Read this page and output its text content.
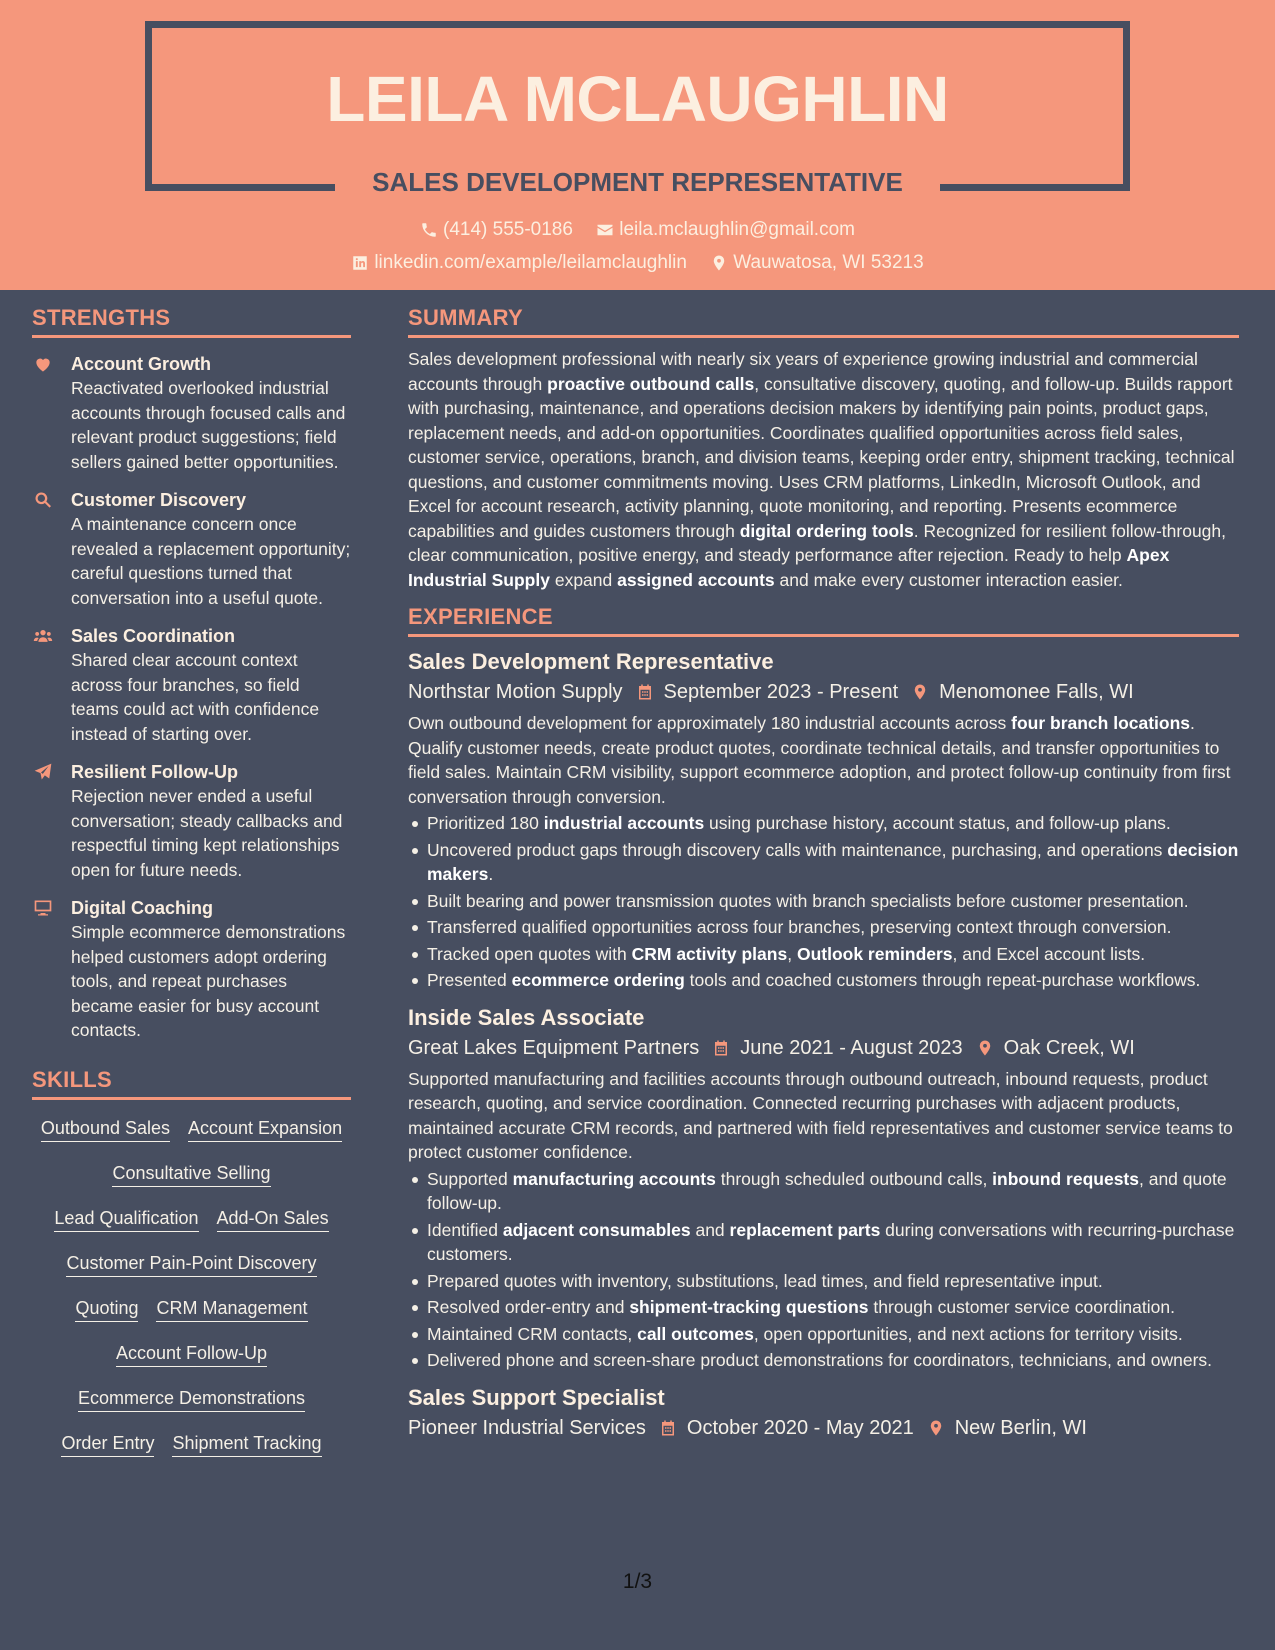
LEILA MCLAUGHLIN
SALES DEVELOPMENT REPRESENTATIVE
(414) 555-0186
leila.mclaughlin@gmail.com
linkedin.com/example/leilamclaughlin
Wauwatosa, WI 53213
STRENGTHS
Account Growth
Reactivated overlooked industrial accounts through focused calls and relevant product suggestions; field sellers gained better opportunities.
Customer Discovery
A maintenance concern once revealed a replacement opportunity; careful questions turned that conversation into a useful quote.
Sales Coordination
Shared clear account context across four branches, so field teams could act with confidence instead of starting over.
Resilient Follow-Up
Rejection never ended a useful conversation; steady callbacks and respectful timing kept relationships open for future needs.
Digital Coaching
Simple ecommerce demonstrations helped customers adopt ordering tools, and repeat purchases became easier for busy account contacts.
SKILLS
Outbound Sales Account Expansion
Consultative Selling
Lead Qualification Add-On Sales
Customer Pain-Point Discovery
Quoting CRM Management
Account Follow-Up
Ecommerce Demonstrations
Order Entry Shipment Tracking
SUMMARY
Sales development professional with nearly six years of experience growing industrial and commercial accounts through proactive outbound calls, consultative discovery, quoting, and follow-up. Builds rapport with purchasing, maintenance, and operations decision makers by identifying pain points, product gaps, replacement needs, and add-on opportunities. Coordinates qualified opportunities across field sales, customer service, operations, branch, and division teams, keeping order entry, shipment tracking, technical questions, and customer commitments moving. Uses CRM platforms, LinkedIn, Microsoft Outlook, and Excel for account research, activity planning, quote monitoring, and reporting. Presents ecommerce capabilities and guides customers through digital ordering tools. Recognized for resilient follow-through, clear communication, positive energy, and steady performance after rejection. Ready to help Apex Industrial Supply expand assigned accounts and make every customer interaction easier.
EXPERIENCE
Sales Development Representative
Northstar Motion Supply September 2023 - Present Menomonee Falls, WI
Own outbound development for approximately 180 industrial accounts across four branch locations. Qualify customer needs, create product quotes, coordinate technical details, and transfer opportunities to field sales. Maintain CRM visibility, support ecommerce adoption, and protect follow-up continuity from first conversation through conversion.
Prioritized 180 industrial accounts using purchase history, account status, and follow-up plans.
Uncovered product gaps through discovery calls with maintenance, purchasing, and operations decision makers.
Built bearing and power transmission quotes with branch specialists before customer presentation.
Transferred qualified opportunities across four branches, preserving context through conversion.
Tracked open quotes with CRM activity plans, Outlook reminders, and Excel account lists.
Presented ecommerce ordering tools and coached customers through repeat-purchase workflows.
Inside Sales Associate
Great Lakes Equipment Partners June 2021 - August 2023 Oak Creek, WI
Supported manufacturing and facilities accounts through outbound outreach, inbound requests, product research, quoting, and service coordination. Connected recurring purchases with adjacent products, maintained accurate CRM records, and partnered with field representatives and customer service teams to protect customer confidence.
Supported manufacturing accounts through scheduled outbound calls, inbound requests, and quote follow-up.
Identified adjacent consumables and replacement parts during conversations with recurring-purchase customers.
Prepared quotes with inventory, substitutions, lead times, and field representative input.
Resolved order-entry and shipment-tracking questions through customer service coordination.
Maintained CRM contacts, call outcomes, open opportunities, and next actions for territory visits.
Delivered phone and screen-share product demonstrations for coordinators, technicians, and owners.
Sales Support Specialist
Pioneer Industrial Services October 2020 - May 2021 New Berlin, WI
1/3
